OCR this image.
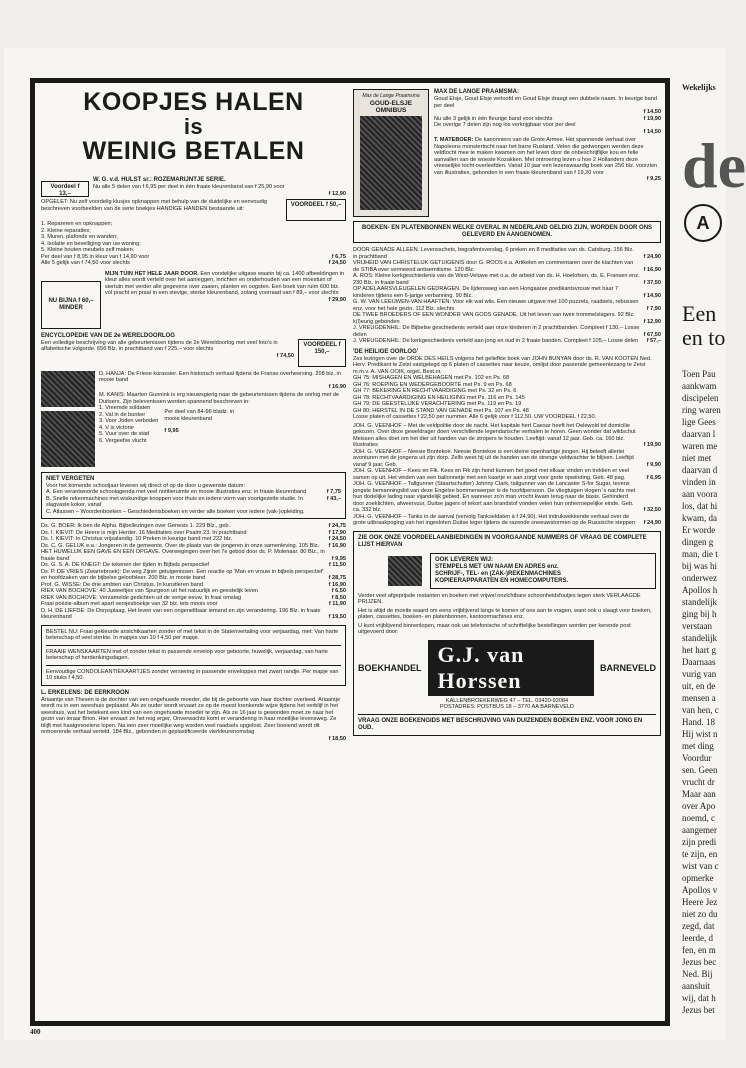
KOOPJES HALEN

is

WEINIG BETALEN

Voordeel f 13,–

W. G. v.d. HULST sr.: ROZEMARIJNTJE SERIE.

Nu alle 5 delen van f 6,95 per deel in één fraaie kleurenband van f 25,90 voor

f 12,90

OPGELET: Nu zelf voordelig klusjes opknappen met behulp van de duidelijke en eenvoudig beschreven voorbeelden van de serie boekjes HANDIGE HANDEN bestaande uit:

VOORDEEL f 50,–

1. Repareren en opknappen;

2. Kleine reparaties;

3. Muren, plafonds en wanden;

4. Isolatie en bevelliging van uw woning;

5. Kleine houten meubels zelf maken.

Per deel van f 8,95 in kleur van f 14,90 voor	f 6,75
Alle 5 gelijk van f 74,50 voor slechts	f 24,50
NU BIJNA f 60,– MINDER

MIJN TUIN HET HELE JAAR DOOR. Een vorstelijke uitgave waarin bij ca. 1400 afbeeldingen in kleur alles wordt verteld over het aanleggen, inrichten en onderhouden van een moestuin of siertuin met verder alle gegevens over zaaien, planten en oogsten. Een boek van ruim 600 blz. vol pracht en praal in een stevige, sterke kleurenband, zolang voorraad van f 89,– voor slechts

f 29,90

ENCYCLOPEDIE VAN DE 2e WERELDOORLOG

Een volledige beschrijving van alle gebeurtenissen tijdens de 2e Wereldoorlog met veel foto's in alfabetische volgorde. 656 Blz. in prachtband van f 225,– voor slechts

f 74,50
VOORDEEL f 150,–

D. HANJA: De Friese kurassier. Een historisch verhaal tijdens de Franse overheersing. 208 blz. in mooie band

f 16,90

M. KANIS: Maarten Gunnink is erg nieuwsgierig naar de gebeurtenissen tijdens de oorlog met de Duitsers. Zijn belevenissen worden spannend beschreven in:

1. Vreemde soldaten

2. Val in de bunker

3. Voor Joden verboden

4. V is victorie

5. Vuur over de stad

6. Vergeefse vlucht

Per deel van 84-96 bladz. in mooie kleurenband

f 9,95

NIET VERGETEN

Voor het komende schooljaar leveren wij direct of op de door u gewenste datum:

A. Een verantwoorde schoolagenda met veel notitieruimte en mooie illustraties enz. in fraaie kleurenband	f 7,75
B. Snelle rekenmachines met wiskundige knoppen voor thuis en iedere vorm van voortgezette studie. In slagvaste koker, vanaf
f 43,–

C. Atlassen – Woordenboeken – Geschiedenisboeken en verder alle boeken voor iedere (vak-)opleiding.

Ds. G. BOER: Ik ben de Alpha. Bijbellezingen over Genesis 1. 229 Blz., geb.	f 24,75
Ds. I. KIEVIT: De Heere is mijn Herder. 16 Meditaties over Psalm 23. In prachtband	f 17,90
Ds. I. KIEVIT: In Christus vrijsalandig. 10 Preken in keurige band met 222 blz.	f 24,50
Ds. C. G. GELUK e.a.: Jongeren in de gemeente. Over de plaats van de jongeren in onze samenleving. 105 Blz.	f 16,90
HET HUWELIJK EEN GAVE EN EEN OPGAVE. Overwegingen over het 7e gebod door ds. P. Molenaar. 80 Blz., in fraaie band	f 9,95
Ds. G. S. A. DE KNEGT: De tekenen der tijden in Bijbels perspectief	f 11,50
Ds. P. DE VRIES (Zwartebroek): De weg Zijner getuigenissen. Een reactie op 'Man en vrouw in bijbels perspectief' en hoofdzaken van de bijbelse geloofsleer. 200 Blz. in mooie band	f 28,75
Prof. G. WISSE: De drie ambten van Christus. In kunstleren band	f 16,90
RIEK VAN BOCHOVE: 40 Juweeltjes van Spurgeon uit het natuurlijk en geestelijk leven	f 6,50
RIEK VAN BOCHOVE: Verzamelde gedichten uit de vorige eeuw. In fraai omslag	f 8,50
Fraai poëzie-album met apart versjesboekje van 32 blz. iets moois voor	f 11,90
D. H. DE LIEFDE: De Dorpsplaag. Het leven van een ongeneltbaar iemand en zijn verandering. 196 Blz. in fraaie kleurenband	f 19,50

BESTEL NU: Fraai gekleurde ansichtkaarten zonder of met tekst in de Statenvertaling voor verjaardag, met: Van harte beterschap of veel sterkte. In mapjes van 10 f 4,50 per mapje.

FRAAIE WENSKAARTEN met of zonder tekst in passende envelop voor geboorte, huwelijk, verjaardag, van harte beterschap of herdenkingsdagen.

Eenvoudige CONDOLEANTIEKAARTJES zonder versiering in passende enveloppes met zwart randje. Per mapje van 10 stuks f 4,50.

L. ERKELENS: DE EERKROON

Ariaantje van Thesen is de dochter van een ongehuwde moeder, die bij de geboorte van haar dochter overleed. Ariaantje wordt nu in een weeshuis geplaatst. Als ze ouder wordt ervaart ze op de meest krenkende wijze tijdens het verblijf in het weeshuis, wat het betekent een kind van een ongehuwde moeder te zijn. Als ze 16 jaar is gewonden moet ze naar het gezin van leraar Brion. Hier ervaart ze het nog erger. Onverwachts komt er verandering in haar moeilijke levensweg. Ze blijft met haatgevoelens lopen. Na een zeer moeilijke weg worden veel raadsels opgelost. Zeer boeiend wordt dit ontroerende verhaal verteld. 184 Blz., gebonden in geplastificeerde vierkleurenomslag

f 18,50

Max de Lange Praamsma

GOUD-ELSJE OMNIBUS

MAX DE LANGE PRAAMSMA:

Goud Elsje, Goud Elsje verloofd en Goud Elsje draagt een dubbele naam. In keurige band per deel
f 14,50
Nu alle 3 gelijk in één fleurige band voor slechts	f 19,90
De overige 7 delen zijn nog los verkrijgbaar voor per deel
f 14,50

T. MATEBOER: De kanonniers van de Grote Armee. Het spannende verhaal over Napoleons monstertocht naar het barre Rusland. Velen die gedwongen werden deze veldtocht mee te maken kwamen om het leven door de onbeschrijflijke kou en felle aanvallen van de woeste Kozakken. Met ontroering lezen u hoe 2 Hollanders deze vreeselijke tocht overleefden. Vanaf 10 jaar een lezenswaardig boek van 256 blz. voorzien van illustraties, gebonden in een fraaie kleurenband van f 19,20 voor

f 9,25

BOEKEN- EN PLATENBONNEN WELKE OVERAL IN NEDERLAND GELDIG ZIJN, WORDEN DOOR ONS GELEVERD EN AANGENOMEN.

DOOR GENADE ALLEEN. Levensschets, begrafenisverslag, 6 preken en 8 meditaties van ds. Catsburg. 156 Blz. in prachtband	f 24,90
VRIJHEID VAN CHRISTELIJK GETUIGENIS door G. ROOS e.a. Artikelen en commentaren over de klachten van de STIBA over vermeend antisemitisme. 120 Blz.	f 16,90
A. ROS: Kleine kerkgeschiedenis van de West-Veluwe met o.a. de arbeid van ds. H. Hoelofsen, ds. E. Fransen enz. 230 Blz. in fraaie band	f 37,50
OP ADELAARSVLEUGELEN GEDRAGEN. De lijdensweg van een Hongaarse predikantsvrouw met haar 7 kinderen tijdens een 6-jarige verbanning. 90 Blz.	f 14,90
G. W. VAN LEEUWEN-VAN HAAFTEN: Voor elk wat wils. Een nieuwe uitgave met 100 puzzels, raadsels, rebussen enz. voor het hele gezin. 112 Blz. slechts	f 7,90
DE TWEE BROEDERS OF EEN WONDER VAN GODS GENADE. Uit het leven van twee trommelslagers. 92 Blz. k(l)eurig gebonden	f 12,90
J. VREUGDENHIL: De Bijbelse geschiedenis verteld aan onze kinderen in 2 prachtbanden. Compleet f 130,– Losse delen	f 67,50
J. VREUGDENHIL: De kerkgeschiedenis verteld aan jong en oud in 2 fraaie banden. Compleet f 105,– Losse delen	f 57,–

'DE HEILIGE OORLOG'

Zes lezingen over de ORDE DES HEILS volgens het geliefkte boek van JOHN BUNYAN door ds. R. VAN KOOTEN Ned. Herv. Predikant te Zeist vastgelegd op 6 platen of cassettes naar keuze, omlijst door passende gemeentezang te Zeist m.m.v. A. VAN OOIK, orgel. Best.nr.

GH 75: MISHAGEN EN WELBEHAGEN met Ps. 102 en Ps. 68

GH 76: ROEPING EN WEDERGEBOORTE met Ps. 9 en Ps. 68

GH 77: BEKERING EN RECHTVAARDIGING met Ps. 32 en Ps. 6

GH 78: RECHTVAARDIGING EN HEILIGING met Ps. 116 en Ps. 145

GH 79: DE GEESTELIJKE VERACHTERING met Ps. 119 en Ps. 19

GH 80: HERSTEL IN DE STAND VAN GENADE met Ps. 107 en Ps. 48

Losse platen of cassettes f 22,50 per nummer. Alle 6 gelijk voor f 112,50. UW VOORDEEL f 22,50.

JOH. G. VEENHOF – Met de veldpolitie door de nacht. Het kapitale hert Caesar heeft het Oelewold tot domicilie gekozen. Over deze geweldrager doen verschillende legendarische verhalen te horen. Geen wonder dat wildschut Meissen alles doet om het dier uit handen van de stropers te houden. Leeftijd: vanaf 12 jaar. Geb. ca. 160 blz. illustraties	f 19,90
JOH. G. VEENHOF – Neesie Bontekoe. Neesie Bontekoe is een kleine openhartige jongen. Hij beleeft allerlei avonturen met de jongens uit zijn dorp. Zelfs weet hij uit de handen van de strenge veldwachter te blijven. Leeftijd vanaf 9 jaar. Geb.	f 9,90
JOH. G. VEENHOF – Kees en Flk. Kees en Fik zijn hond kunnen het goed met elkaar vinden en trekken er veel samen op uit. Het vinden van een ballonnetje met een kaartje er aan zorgt voor grote opwinding. Geb. 48 pag.	f 6,95
JOH. G. VEENHOF – Tallgunner (Staartschutter) Johnny Clark, tailgunner van de Lancaster S-for Sugar, tevens jongste bemanningslid van deze Engelse bommenwerper is de hoofdpersoon. De vliegtuigen vlogen 's nachts met hun dodelijke lading naar vijandelijk gebied. En wanneer zo'n man vrocht kwam terug naar de basis. Gehinderd door zoeklichten, afweervuur, Duitse jagers of tekort aan brandstof vonden velen hun onherroepelijke einde. Geb. ca. 332 blz.	f 32,50
JOH. G. VEENHOF – Tanks in de aanval (vervolg Tankseldaten à f 24,90). Het indrukwekkende verhaal over de grote uitbraakpoging van het ingesloten Duitse leger tijdens de razende sneeuwstormen op de Russische steppen	f 24,90

ZIE OOK ONZE VOORDEELAANBIEDINGEN IN VOORGAANDE NUMMERS OF VRAAG DE COMPLETE LIJST HIERVAN

OOK LEVEREN WIJ:

STEMPELS MET UW NAAM EN ADRES enz.

SCHRIJF-, TEL- en (ZAK-)REKENMACHINES

KOPIEERAPPARATEN EN HOMECOMPUTERS.

Verder veel afgeprijsde restanten en boeken met vrijwel onzichtbare schoonheidsfoutjes tegen sterk VERLAAGDE PRIJZEN.

Het is altijd de moeite waard om eens vrijblijvend langs te komen of ons aan te vragen, want ook u slaagt voor boeken, platen, cassettes, boeken- en platenbonnen, kantoormachines enz.

U kunt vrijblijvend binnenlopen, maar ook uw telefonische of schriftelijke bestellingen worden per kerende post uitgevoerd door:

BOEKHANDEL
G.J. van Horssen	BARNEVELD

KALLENBROEKERWEG 47 – TEL. 03420-92084

POSTADRES: POSTBUS 18 – 3770 AA BARNEVELD

VRAAG ONZE BOEKENGIDS MET BESCHRIJVING VAN DUIZENDEN BOEKEN ENZ. VOOR JONG EN OUD.

Wekelijks

de

A

Een

en to

Toen Pau

aankwam

discipelen

ring waren

lige Gees

daarvan l

waren me

niet met

daarvan d

vinden in

aan voora

los, dat hi

kwam, da

Er worde

dingen g

man, die t

bij was hi

onderwez

Apollos h

standelijk

ging bij h

verstaan

standelijk

het hart g

Daarnaas

vurig van

uit, en de

mensen a

van hen, c

Hand. 18

Hij wist n

met ding

Voordur

sen. Geen

vrucht dr

Maar aan

over Apo

noemd, c

aangemer

zijn predi

te zijn, en

wist van c

opmerke

Apollos v

Heere Jez

niet zo du

zegd, dat

leerde, d

fen, en m

Jezus bec

Ned. Bij

aansluit

wij, dat h

Jezus bet

400
